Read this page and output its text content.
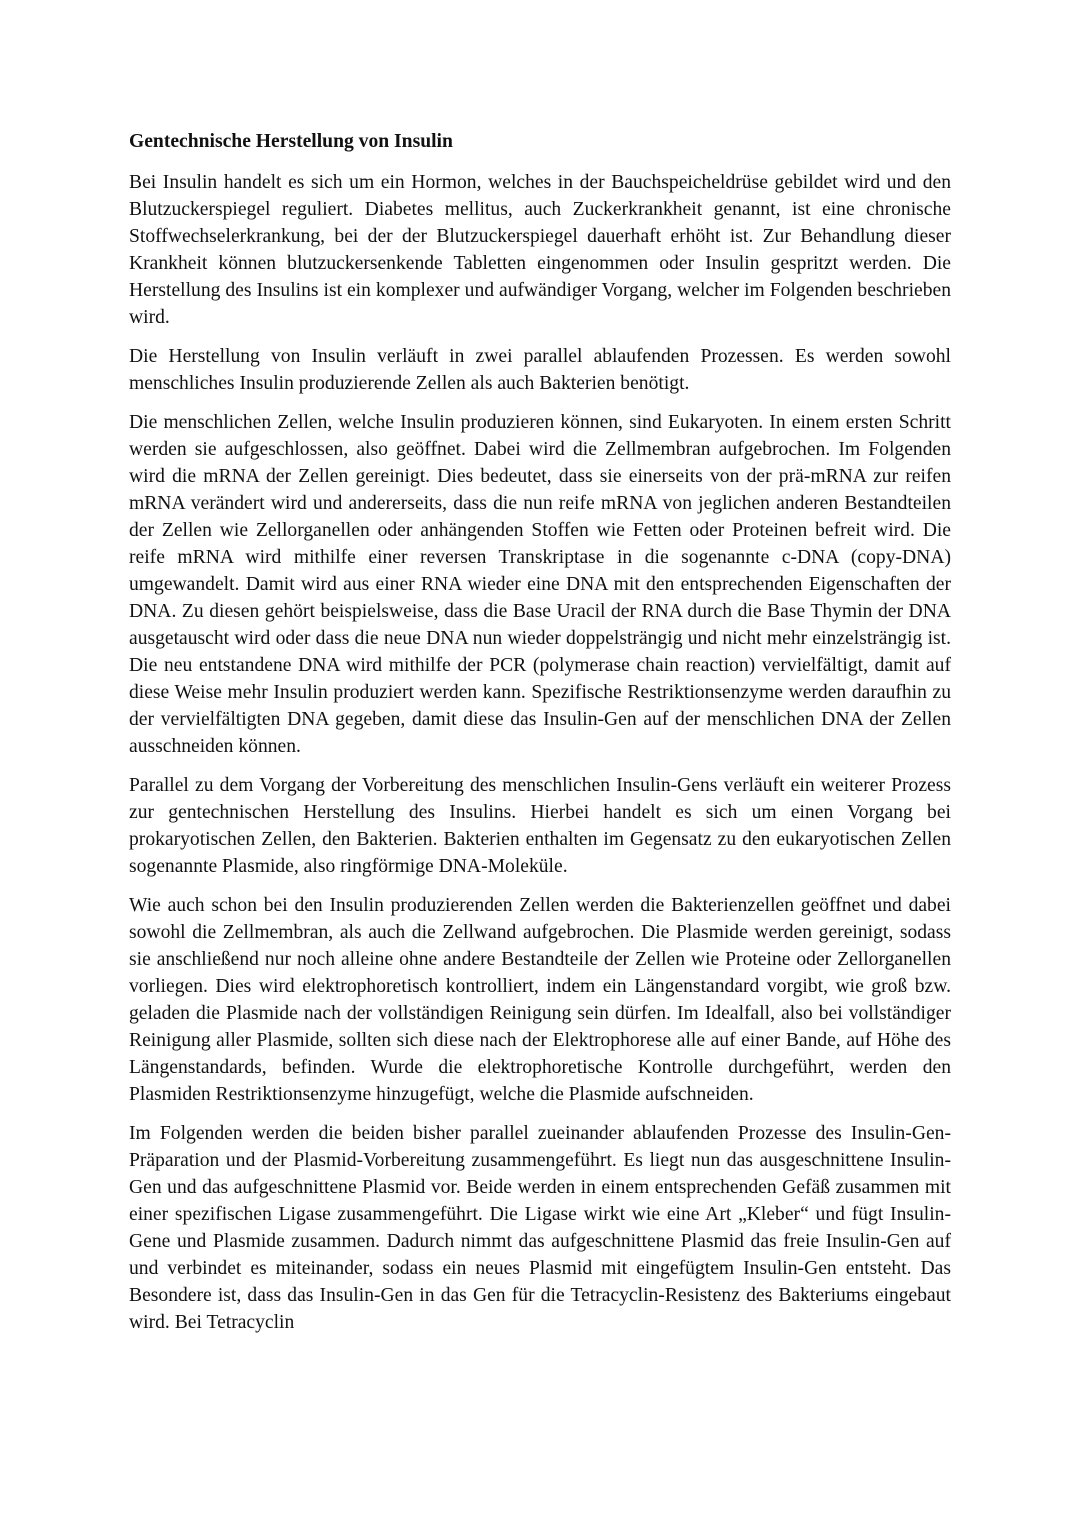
Gentechnische Herstellung von Insulin

Bei Insulin handelt es sich um ein Hormon, welches in der Bauchspeicheldrüse gebildet wird und den Blutzuckerspiegel reguliert. Diabetes mellitus, auch Zuckerkrankheit genannt, ist eine chronische Stoffwechselerkrankung, bei der der Blutzuckerspiegel dauerhaft erhöht ist. Zur Behandlung dieser Krankheit können blutzuckersenkende Tabletten eingenommen oder Insulin gespritzt werden. Die Herstellung des Insulins ist ein komplexer und aufwändiger Vorgang, welcher im Folgenden beschrieben wird.

Die Herstellung von Insulin verläuft in zwei parallel ablaufenden Prozessen. Es werden sowohl menschliches Insulin produzierende Zellen als auch Bakterien benötigt.

Die menschlichen Zellen, welche Insulin produzieren können, sind Eukaryoten. In einem ersten Schritt werden sie aufgeschlossen, also geöffnet. Dabei wird die Zellmembran aufgebrochen. Im Folgenden wird die mRNA der Zellen gereinigt. Dies bedeutet, dass sie einerseits von der prä-mRNA zur reifen mRNA verändert wird und andererseits, dass die nun reife mRNA von jeglichen anderen Bestandteilen der Zellen wie Zellorganellen oder anhängenden Stoffen wie Fetten oder Proteinen befreit wird. Die reife mRNA wird mithilfe einer reversen Transkriptase in die sogenannte c-DNA (copy-DNA) umgewandelt. Damit wird aus einer RNA wieder eine DNA mit den entsprechenden Eigenschaften der DNA. Zu diesen gehört beispielsweise, dass die Base Uracil der RNA durch die Base Thymin der DNA ausgetauscht wird oder dass die neue DNA nun wieder doppelsträngig und nicht mehr einzelsträngig ist. Die neu entstandene DNA wird mithilfe der PCR (polymerase chain reaction) vervielfältigt, damit auf diese Weise mehr Insulin produziert werden kann. Spezifische Restriktionsenzyme werden daraufhin zu der vervielfältigten DNA gegeben, damit diese das Insulin-Gen auf der menschlichen DNA der Zellen ausschneiden können.

Parallel zu dem Vorgang der Vorbereitung des menschlichen Insulin-Gens verläuft ein weiterer Prozess zur gentechnischen Herstellung des Insulins. Hierbei handelt es sich um einen Vorgang bei prokaryotischen Zellen, den Bakterien. Bakterien enthalten im Gegensatz zu den eukaryotischen Zellen sogenannte Plasmide, also ringförmige DNA-Moleküle.

Wie auch schon bei den Insulin produzierenden Zellen werden die Bakterienzellen geöffnet und dabei sowohl die Zellmembran, als auch die Zellwand aufgebrochen. Die Plasmide werden gereinigt, sodass sie anschließend nur noch alleine ohne andere Bestandteile der Zellen wie Proteine oder Zellorganellen vorliegen. Dies wird elektrophoretisch kontrolliert, indem ein Längenstandard vorgibt, wie groß bzw. geladen die Plasmide nach der vollständigen Reinigung sein dürfen. Im Idealfall, also bei vollständiger Reinigung aller Plasmide, sollten sich diese nach der Elektrophorese alle auf einer Bande, auf Höhe des Längenstandards, befinden. Wurde die elektrophoretische Kontrolle durchgeführt, werden den Plasmiden Restriktionsenzyme hinzugefügt, welche die Plasmide aufschneiden.

Im Folgenden werden die beiden bisher parallel zueinander ablaufenden Prozesse des Insulin-Gen-Präparation und der Plasmid-Vorbereitung zusammengeführt. Es liegt nun das ausgeschnittene Insulin-Gen und das aufgeschnittene Plasmid vor. Beide werden in einem entsprechenden Gefäß zusammen mit einer spezifischen Ligase zusammengeführt. Die Ligase wirkt wie eine Art „Kleber“ und fügt Insulin-Gene und Plasmide zusammen. Dadurch nimmt das aufgeschnittene Plasmid das freie Insulin-Gen auf und verbindet es miteinander, sodass ein neues Plasmid mit eingefügtem Insulin-Gen entsteht. Das Besondere ist, dass das Insulin-Gen in das Gen für die Tetracyclin-Resistenz des Bakteriums eingebaut wird. Bei Tetracyclin
